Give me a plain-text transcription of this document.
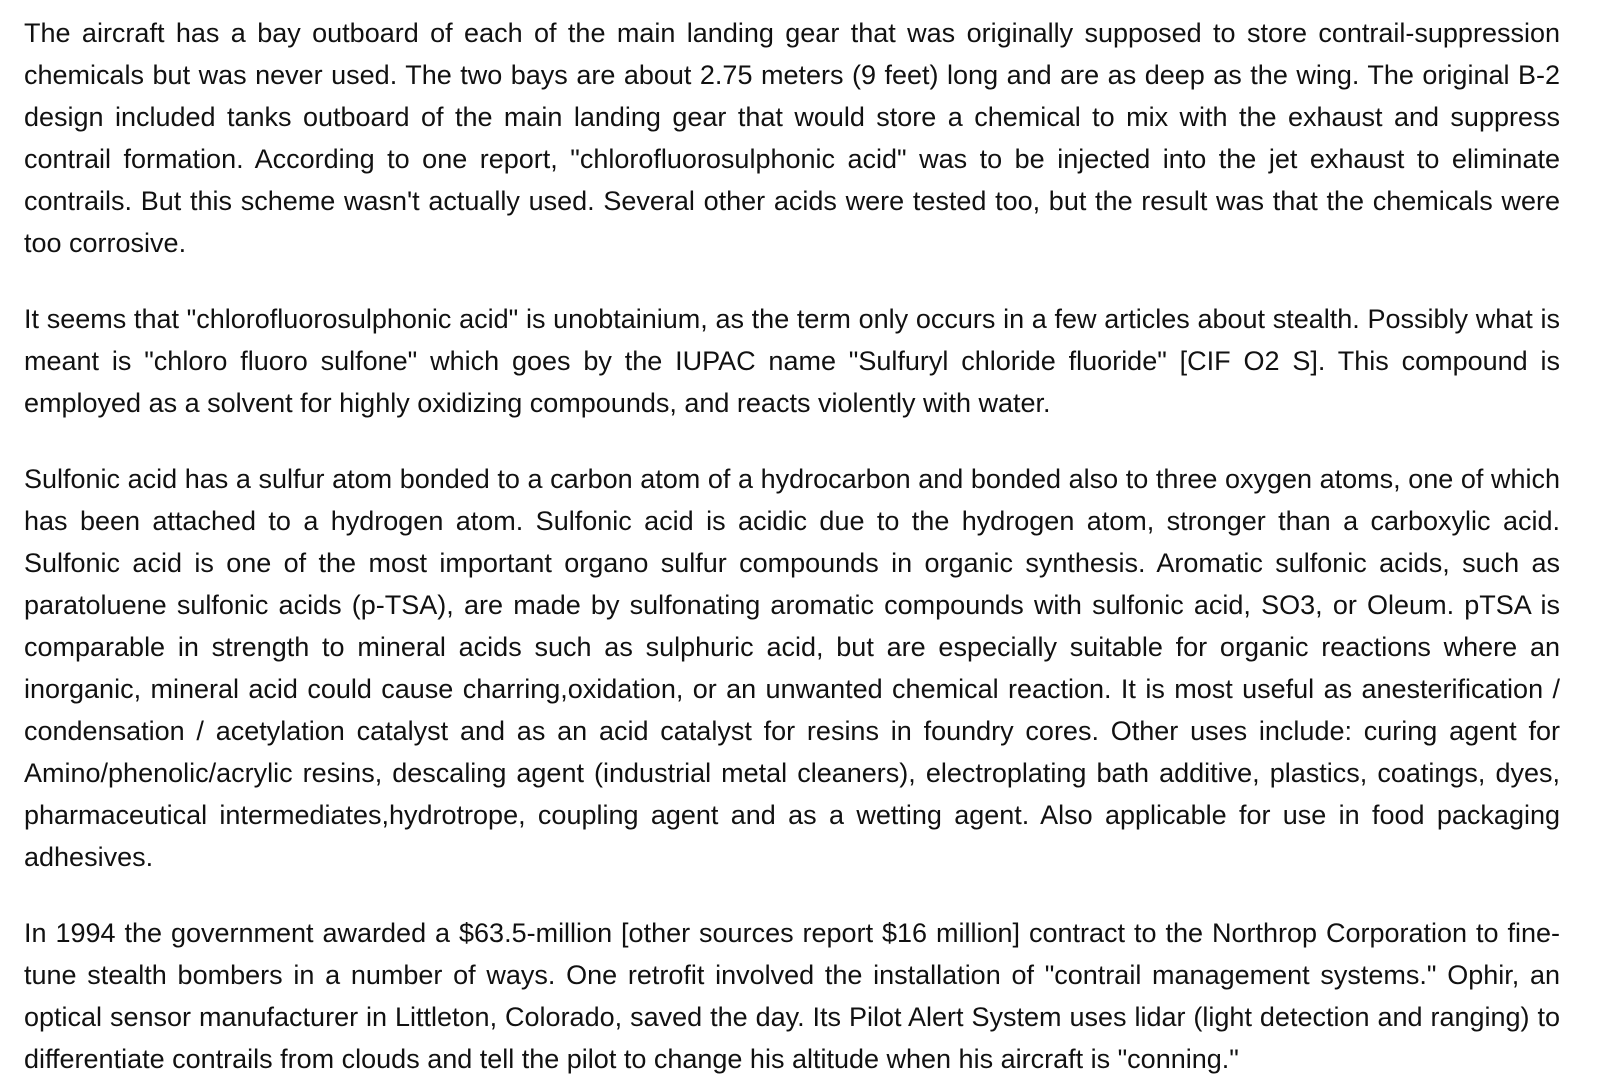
The aircraft has a bay outboard of each of the main landing gear that was originally supposed to store contrail-suppression chemicals but was never used. The two bays are about 2.75 meters (9 feet) long and are as deep as the wing. The original B-2 design included tanks outboard of the main landing gear that would store a chemical to mix with the exhaust and suppress contrail formation. According to one report, "chlorofluorosulphonic acid" was to be injected into the jet exhaust to eliminate contrails. But this scheme wasn't actually used. Several other acids were tested too, but the result was that the chemicals were too corrosive.

It seems that "chlorofluorosulphonic acid" is unobtainium, as the term only occurs in a few articles about stealth. Possibly what is meant is "chloro fluoro sulfone" which goes by the IUPAC name "Sulfuryl chloride fluoride" [CIF O2 S]. This compound is employed as a solvent for highly oxidizing compounds, and reacts violently with water.

Sulfonic acid has a sulfur atom bonded to a carbon atom of a hydrocarbon and bonded also to three oxygen atoms, one of which has been attached to a hydrogen atom. Sulfonic acid is acidic due to the hydrogen atom, stronger than a carboxylic acid. Sulfonic acid is one of the most important organo sulfur compounds in organic synthesis. Aromatic sulfonic acids, such as paratoluene sulfonic acids (p-TSA), are made by sulfonating aromatic compounds with sulfonic acid, SO3, or Oleum. pTSA is comparable in strength to mineral acids such as sulphuric acid, but are especially suitable for organic reactions where an inorganic, mineral acid could cause charring,oxidation, or an unwanted chemical reaction. It is most useful as anesterification / condensation / acetylation catalyst and as an acid catalyst for resins in foundry cores. Other uses include: curing agent for Amino/phenolic/acrylic resins, descaling agent (industrial metal cleaners), electroplating bath additive, plastics, coatings, dyes, pharmaceutical intermediates,hydrotrope, coupling agent and as a wetting agent. Also applicable for use in food packaging adhesives.

In 1994 the government awarded a $63.5-million [other sources report $16 million] contract to the Northrop Corporation to fine-tune stealth bombers in a number of ways. One retrofit involved the installation of "contrail management systems." Ophir, an optical sensor manufacturer in Littleton, Colorado, saved the day. Its Pilot Alert System uses lidar (light detection and ranging) to differentiate contrails from clouds and tell the pilot to change his altitude when his aircraft is "conning."
